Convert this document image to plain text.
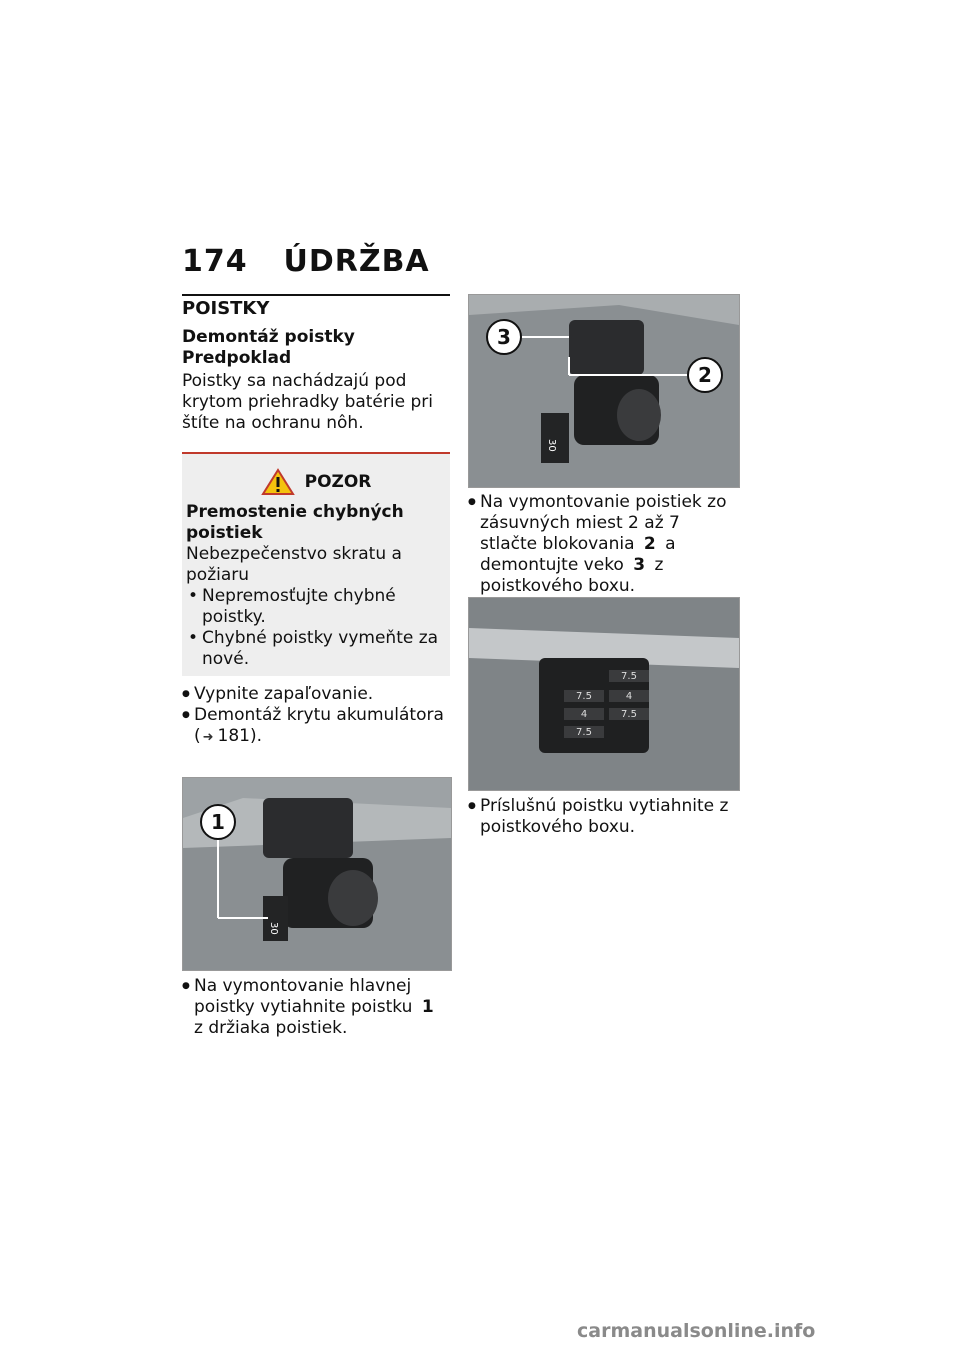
174 ÚDRŽBA

POISTKY

Demontáž poistky

Predpoklad

Poistky sa nachádzajú pod krytom priehradky batérie pri štíte na ochranu nôh.

POZOR

Premostenie chybných poistiek

Nebezpečenstvo skratu a požiaru

• Nepremosťujte chybné poistky.
• Chybné poistky vymeňte za nové.
● Vypnite zapaľovanie.
● Demontáž krytu akumulátora ( ➜ 181).
30
1
● Na vymontovanie hlavnej poistky vytiahnite poistku 1 z držiaka poistiek.
30
3
2
● Na vymontovanie poistiek zo zásuvných miest 2 až 7 stlačte blokovania 2 a demontujte veko 3 z poistkového boxu.
7.5
7.5	4
4	7.5
7.5
● Príslušnú poistku vytiahnite z poistkového boxu.
carmanualsonline.info
